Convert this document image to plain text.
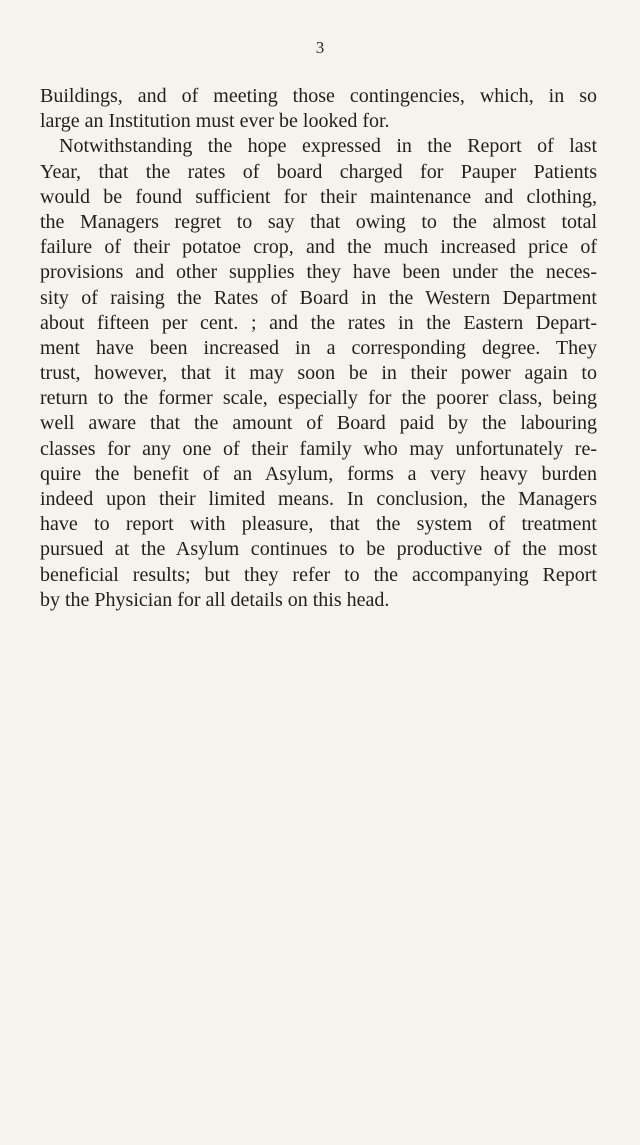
3
Buildings, and of meeting those contingencies, which, in so
large an Institution must ever be looked for.
Notwithstanding the hope expressed in the Report of last
Year, that the rates of board charged for Pauper Patients
would be found sufficient for their maintenance and clothing,
the Managers regret to say that owing to the almost total
failure of their potatoe crop, and the much increased price of
provisions and other supplies they have been under the neces-
sity of raising the Rates of Board in the Western Department
about fifteen per cent. ; and the rates in the Eastern Depart-
ment have been increased in a corresponding degree. They
trust, however, that it may soon be in their power again to
return to the former scale, especially for the poorer class, being
well aware that the amount of Board paid by the labouring
classes for any one of their family who may unfortunately re-
quire the benefit of an Asylum, forms a very heavy burden
indeed upon their limited means. In conclusion, the Managers
have to report with pleasure, that the system of treatment
pursued at the Asylum continues to be productive of the most
beneficial results; but they refer to the accompanying Report
by the Physician for all details on this head.
